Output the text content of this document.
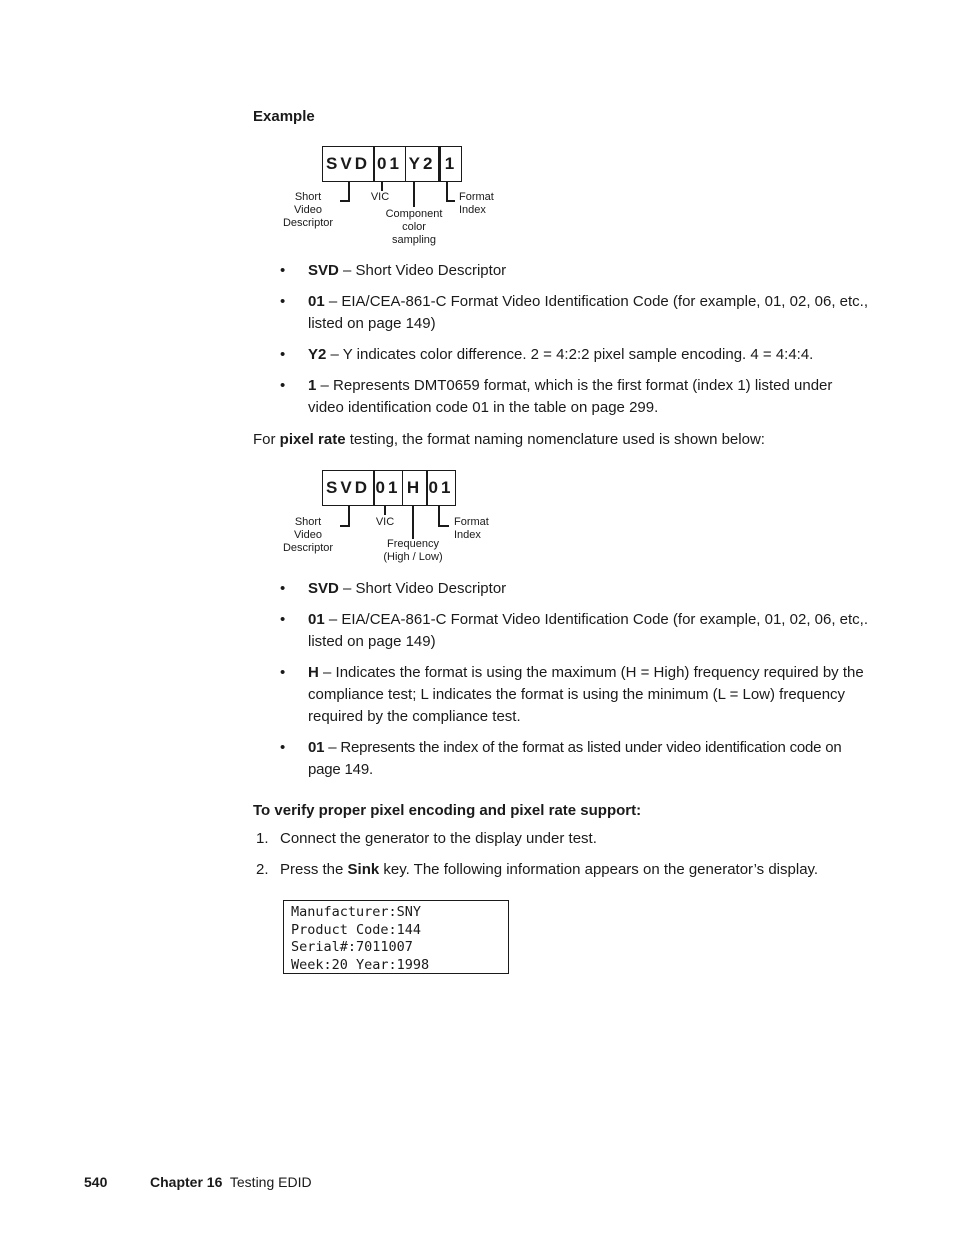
Example
SVD 01 Y2 1
Short Video Descriptor
VIC
Component color sampling
Format Index
• SVD – Short Video Descriptor
• 01 – EIA/CEA-861-C Format Video Identification Code (for example, 01, 02, 06, etc., listed on page 149)
• Y2 – Y indicates color difference. 2 = 4:2:2 pixel sample encoding. 4 = 4:4:4.
• 1 – Represents DMT0659 format, which is the first format (index 1) listed under video identification code 01 in the table on page 299.
For pixel rate testing, the format naming nomenclature used is shown below:
SVD 01 H 01
Short Video Descriptor
VIC
Frequency (High / Low)
Format Index
• SVD – Short Video Descriptor
• 01 – EIA/CEA-861-C Format Video Identification Code (for example, 01, 02, 06, etc,. listed on page 149)
• H – Indicates the format is using the maximum (H = High) frequency required by the compliance test; L indicates the format is using the minimum (L = Low) frequency required by the compliance test.
• 01 – Represents the index of the format as listed under video identification code on page 149.
To verify proper pixel encoding and pixel rate support:
1. Connect the generator to the display under test.
2. Press the Sink key. The following information appears on the generator’s display.
Manufacturer:SNY
Product Code:144
Serial#:7011007
Week:20 Year:1998
540	Chapter 16 Testing EDID
